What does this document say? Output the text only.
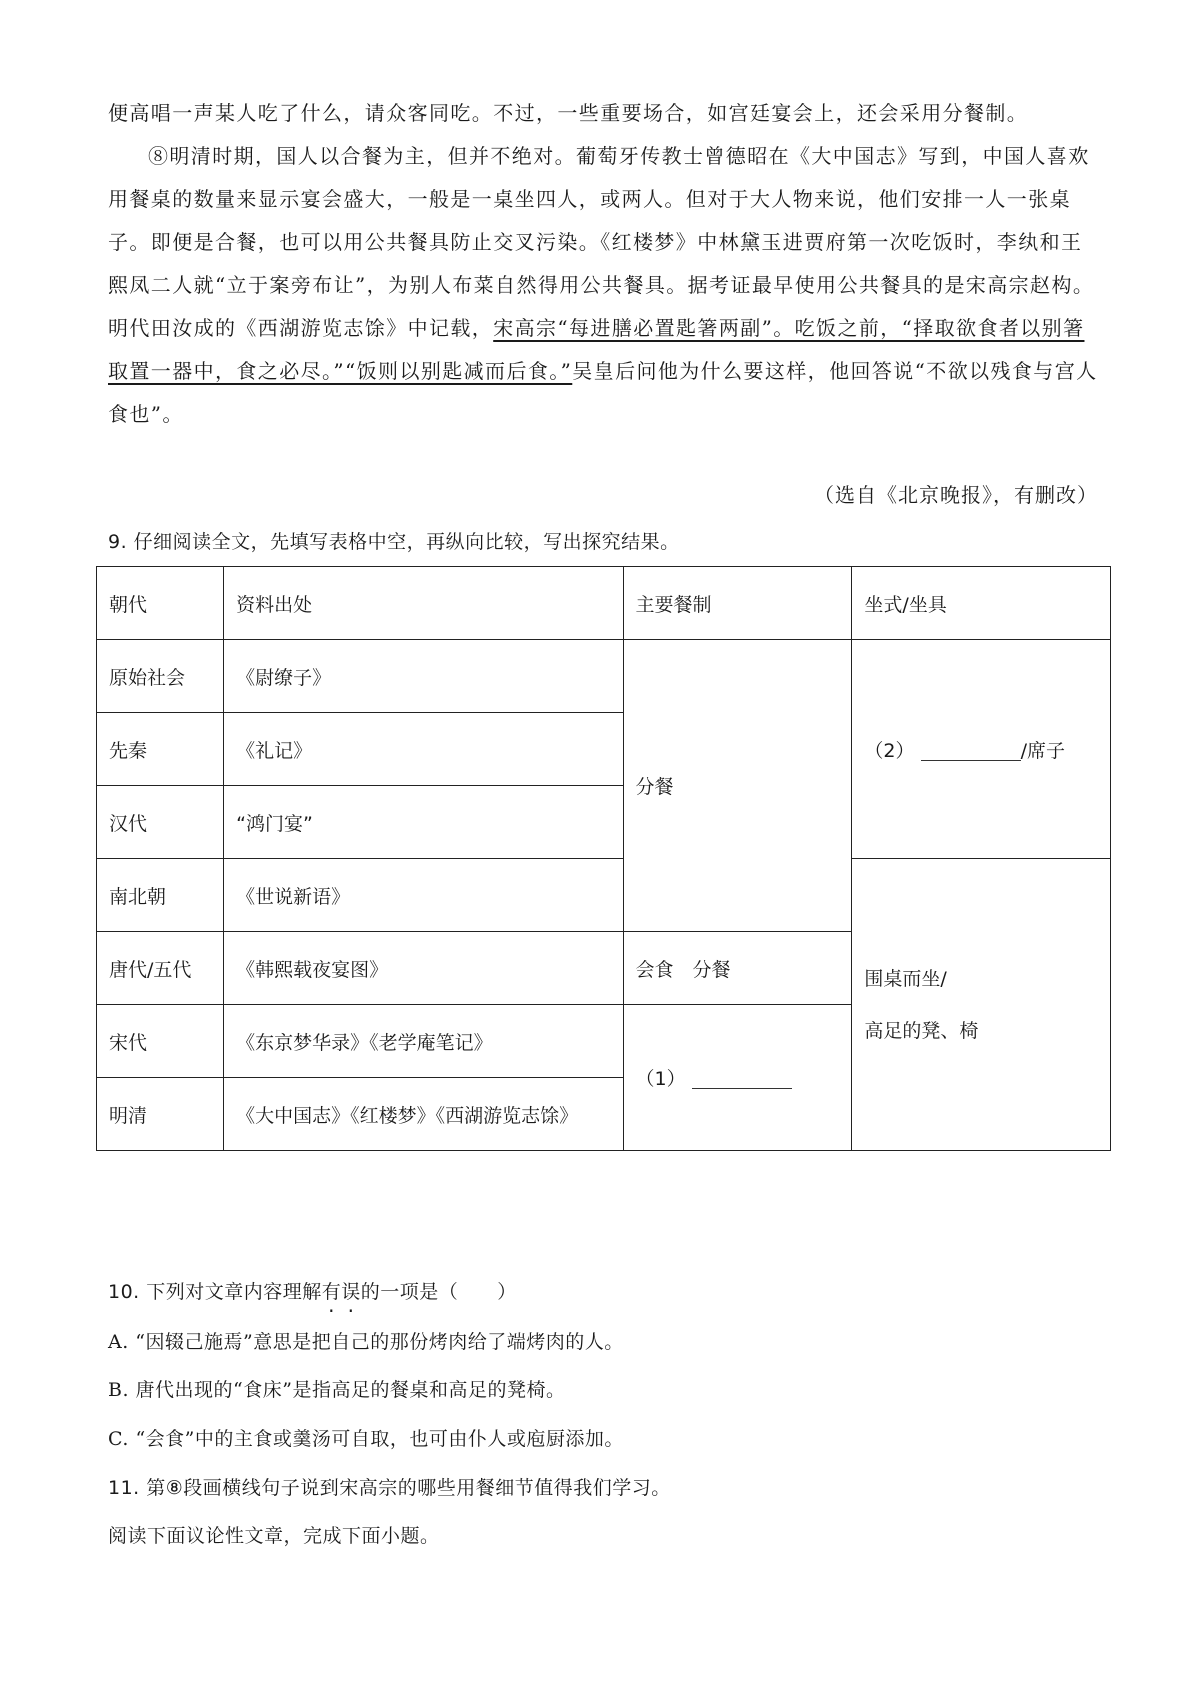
便高唱一声某人吃了什么，请众客同吃。不过，一些重要场合，如宫廷宴会上，还会采用分餐制。

⑧明清时期，国人以合餐为主，但并不绝对。葡萄牙传教士曾德昭在《大中国志》写到，中国人喜欢用餐桌的数量来显示宴会盛大，一般是一桌坐四人，或两人。但对于大人物来说，他们安排一人一张桌子。即便是合餐，也可以用公共餐具防止交叉污染。《红楼梦》中林黛玉进贾府第一次吃饭时，李纨和王熙凤二人就“立于案旁布让”，为别人布菜自然得用公共餐具。据考证最早使用公共餐具的是宋高宗赵构。明代田汝成的《西湖游览志馀》中记载，宋高宗“每进膳必置匙箸两副”。吃饭之前，“择取欲食者以别箸取置一器中，食之必尽。”“饭则以别匙减而后食。”吴皇后问他为什么要这样，他回答说“不欲以残食与宫人食也”。

（选自《北京晚报》，有删改）
9. 仔细阅读全文，先填写表格中空，再纵向比较，写出探究结果。
朝代	资料出处	主要餐制	坐式/坐具
原始社会	《尉缭子》	分餐	（2） /席子
先秦	《礼记》		
汉代	“鸿门宴”		
南北朝	《世说新语》		围桌而坐/
高足的凳、椅

唐代/五代	《韩熙载夜宴图》	会食　分餐	
宋代	《东京梦华录》《老学庵笔记》	（1）	
明清	《大中国志》《红楼梦》《西湖游览志馀》		
10. 下列对文章内容理解有误的一项是（　　）
A. “因辍己施焉”意思是把自己的那份烤肉给了端烤肉的人。
B. 唐代出现的“食床”是指高足的餐桌和高足的凳椅。
C. “会食”中的主食或羹汤可自取，也可由仆人或庖厨添加。
11. 第⑧段画横线句子说到宋高宗的哪些用餐细节值得我们学习。
阅读下面议论性文章，完成下面小题。
